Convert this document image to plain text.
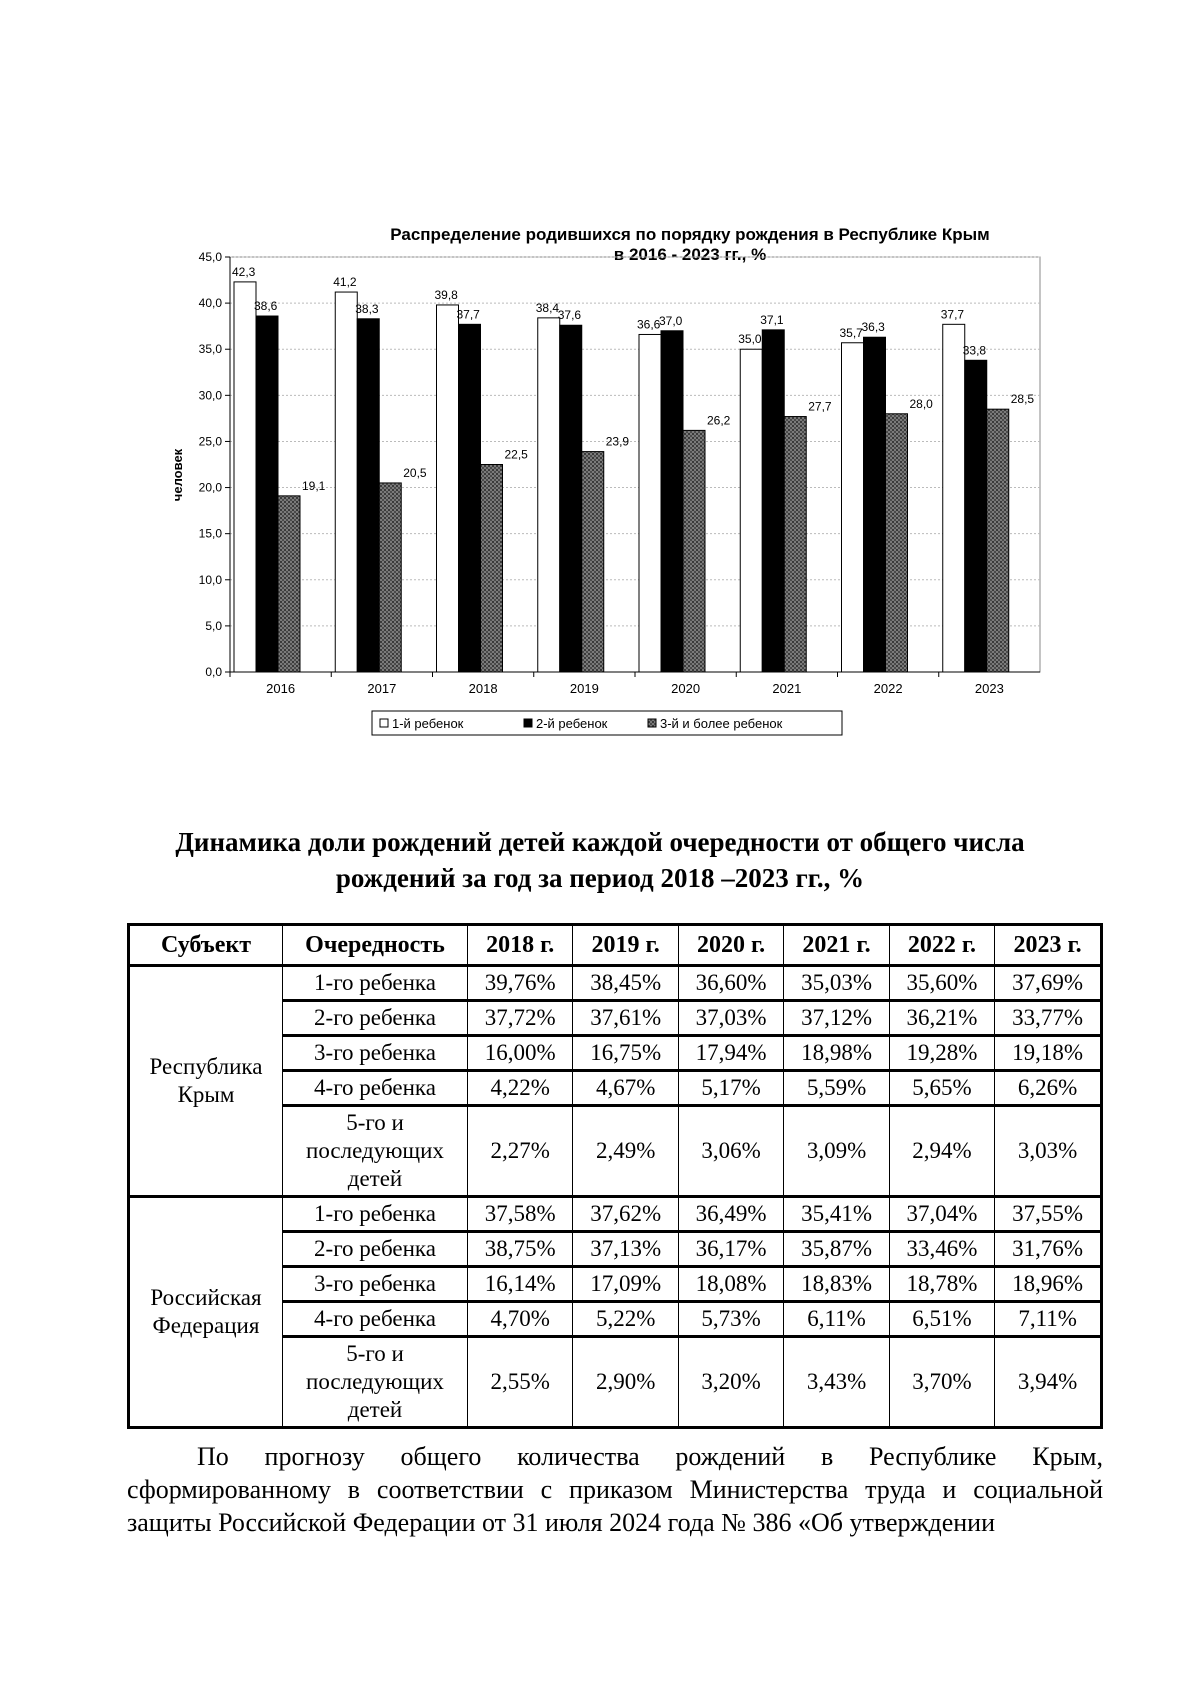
Распределение родившихся по порядку рождения в Республике Крым
в 2016 - 2023 гг., %
0,0
5,0
10,0
15,0
20,0
25,0
30,0
35,0
40,0
45,0
2016	2017	2018	2019	2020	2021	2022	2023
42,3
38,6
19,1
41,2
38,3
20,5
39,8
37,7
22,5
38,4
37,6
23,9
36,6
37,0
26,2
35,0
37,1
27,7
35,7
36,3
28,0
37,7
33,8
28,5
человек
1-й ребенок	2-й ребенок	3-й и более ребенок
Динамика доли рождений детей каждой очередности от общего числа
рождений за год за период 2018 –2023 гг., %
Субъект	Очередность	2018 г.	2019 г.	2020 г.	2021 г.	2022 г.	2023 г.
Республика Крым	1-го ребенка	39,76%	38,45%	36,60%	35,03%	35,60%	37,69%
	2-го ребенка	37,72%	37,61%	37,03%	37,12%	36,21%	33,77%
	3-го ребенка	16,00%	16,75%	17,94%	18,98%	19,28%	19,18%
	4-го ребенка	4,22%	4,67%	5,17%	5,59%	5,65%	6,26%
	5-го и последующих детей	2,27%	2,49%	3,06%	3,09%	2,94%	3,03%
Российская Федерация	1-го ребенка	37,58%	37,62%	36,49%	35,41%	37,04%	37,55%
	2-го ребенка	38,75%	37,13%	36,17%	35,87%	33,46%	31,76%
	3-го ребенка	16,14%	17,09%	18,08%	18,83%	18,78%	18,96%
	4-го ребенка	4,70%	5,22%	5,73%	6,11%	6,51%	7,11%
	5-го и последующих детей	2,55%	2,90%	3,20%	3,43%	3,70%	3,94%

По прогнозу общего количества рождений в Республике Крым, сформированному в соответствии с приказом Министерства труда и социальной защиты Российской Федерации от 31 июля 2024 года № 386 «Об утверждении
